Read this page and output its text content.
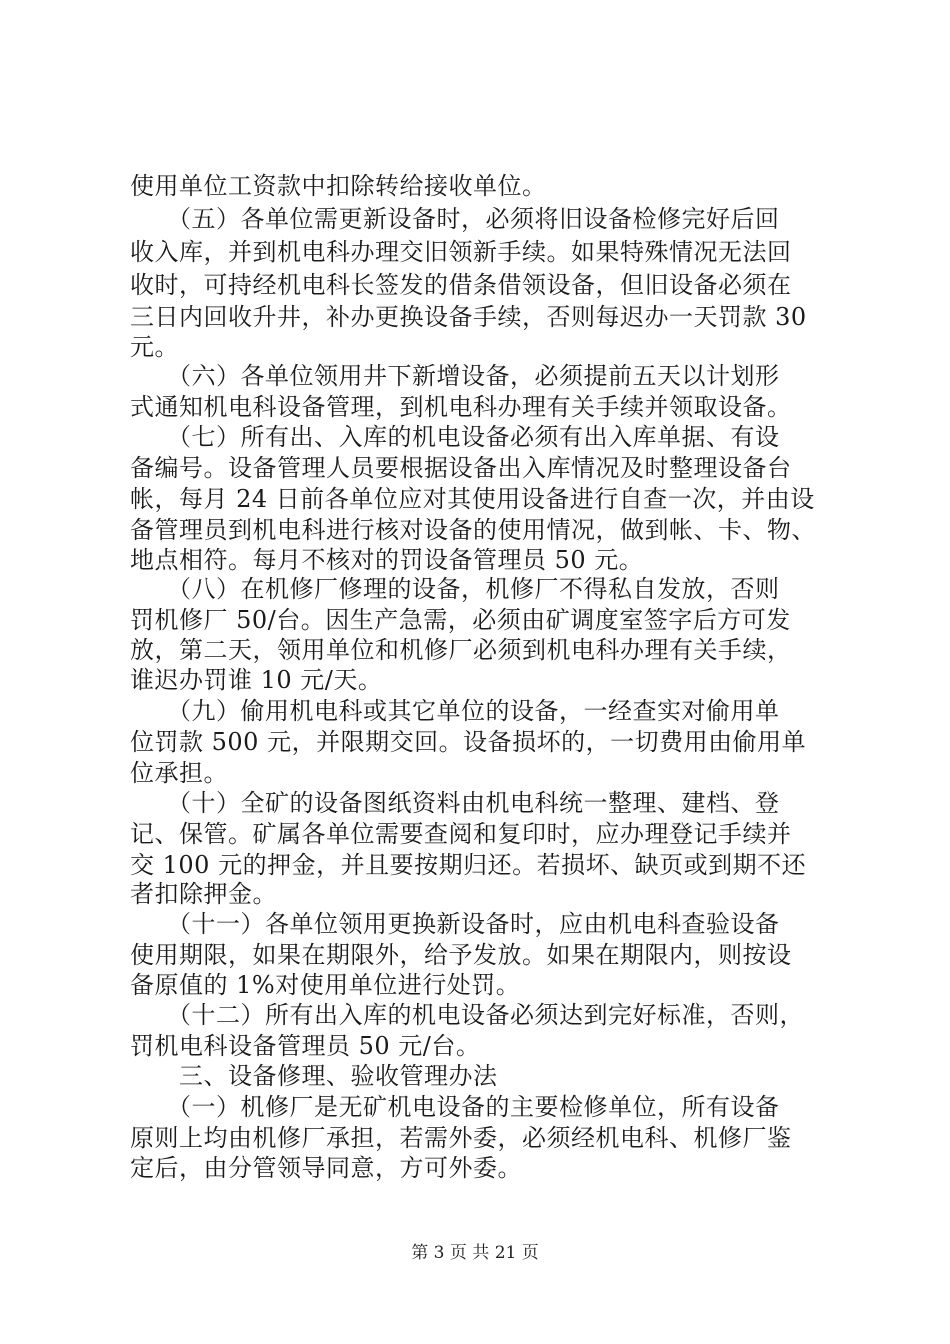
使用单位工资款中扣除转给接收单位。
　　（五）各单位需更新设备时，必须将旧设备检修完好后回
收入库，并到机电科办理交旧领新手续。如果特殊情况无法回
收时，可持经机电科长签发的借条借领设备，但旧设备必须在
三日内回收升井，补办更换设备手续，否则每迟办一天罚款 30
元。
　　（六）各单位领用井下新增设备，必须提前五天以计划形
式通知机电科设备管理，到机电科办理有关手续并领取设备。
　　（七）所有出、入库的机电设备必须有出入库单据、有设
备编号。设备管理人员要根据设备出入库情况及时整理设备台
帐，每月 24 日前各单位应对其使用设备进行自查一次，并由设
备管理员到机电科进行核对设备的使用情况，做到帐、卡、物、
地点相符。每月不核对的罚设备管理员 50 元。
　　（八）在机修厂修理的设备，机修厂不得私自发放，否则
罚机修厂 50/台。因生产急需，必须由矿调度室签字后方可发
放，第二天，领用单位和机修厂必须到机电科办理有关手续，
谁迟办罚谁 10 元/天。
　　（九）偷用机电科或其它单位的设备，一经查实对偷用单
位罚款 500 元，并限期交回。设备损坏的，一切费用由偷用单
位承担。
　　（十）全矿的设备图纸资料由机电科统一整理、建档、登
记、保管。矿属各单位需要查阅和复印时，应办理登记手续并
交 100 元的押金，并且要按期归还。若损坏、缺页或到期不还
者扣除押金。
　　（十一）各单位领用更换新设备时，应由机电科查验设备
使用期限，如果在期限外，给予发放。如果在期限内，则按设
备原值的 1%对使用单位进行处罚。
　　（十二）所有出入库的机电设备必须达到完好标准，否则，
罚机电科设备管理员 50 元/台。
　　三、设备修理、验收管理办法
　　（一）机修厂是无矿机电设备的主要检修单位，所有设备
原则上均由机修厂承担，若需外委，必须经机电科、机修厂鉴
定后，由分管领导同意，方可外委。
第 3 页 共 21 页
